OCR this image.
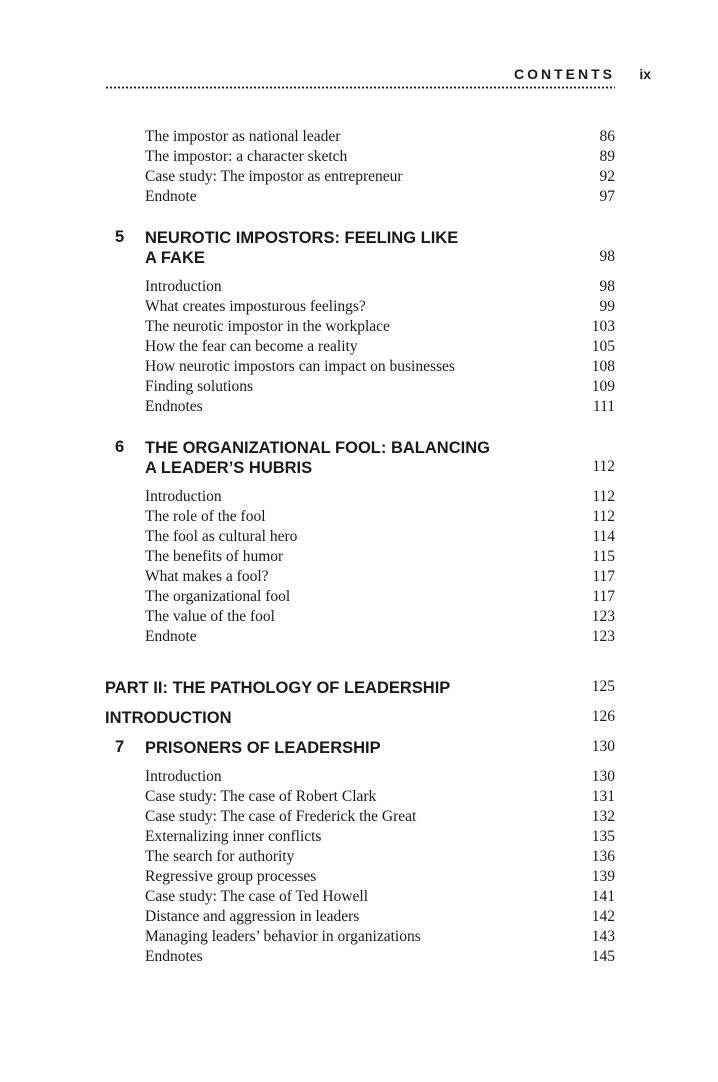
CONTENTS ix
The impostor as national leader	86
The impostor: a character sketch	89
Case study: The impostor as entrepreneur	92
Endnote	97
5	NEUROTIC IMPOSTORS: FEELING LIKE
A FAKE	98
Introduction	98
What creates imposturous feelings?	99
The neurotic impostor in the workplace	103
How the fear can become a reality	105
How neurotic impostors can impact on businesses	108
Finding solutions	109
Endnotes	111
6	THE ORGANIZATIONAL FOOL: BALANCING
A LEADER’S HUBRIS	112
Introduction	112
The role of the fool	112
The fool as cultural hero	114
The benefits of humor	115
What makes a fool?	117
The organizational fool	117
The value of the fool	123
Endnote	123
PART II: THE PATHOLOGY OF LEADERSHIP	125
INTRODUCTION	126
7	PRISONERS OF LEADERSHIP	130
Introduction	130
Case study: The case of Robert Clark	131
Case study: The case of Frederick the Great	132
Externalizing inner conflicts	135
The search for authority	136
Regressive group processes	139
Case study: The case of Ted Howell	141
Distance and aggression in leaders	142
Managing leaders’ behavior in organizations	143
Endnotes	145
